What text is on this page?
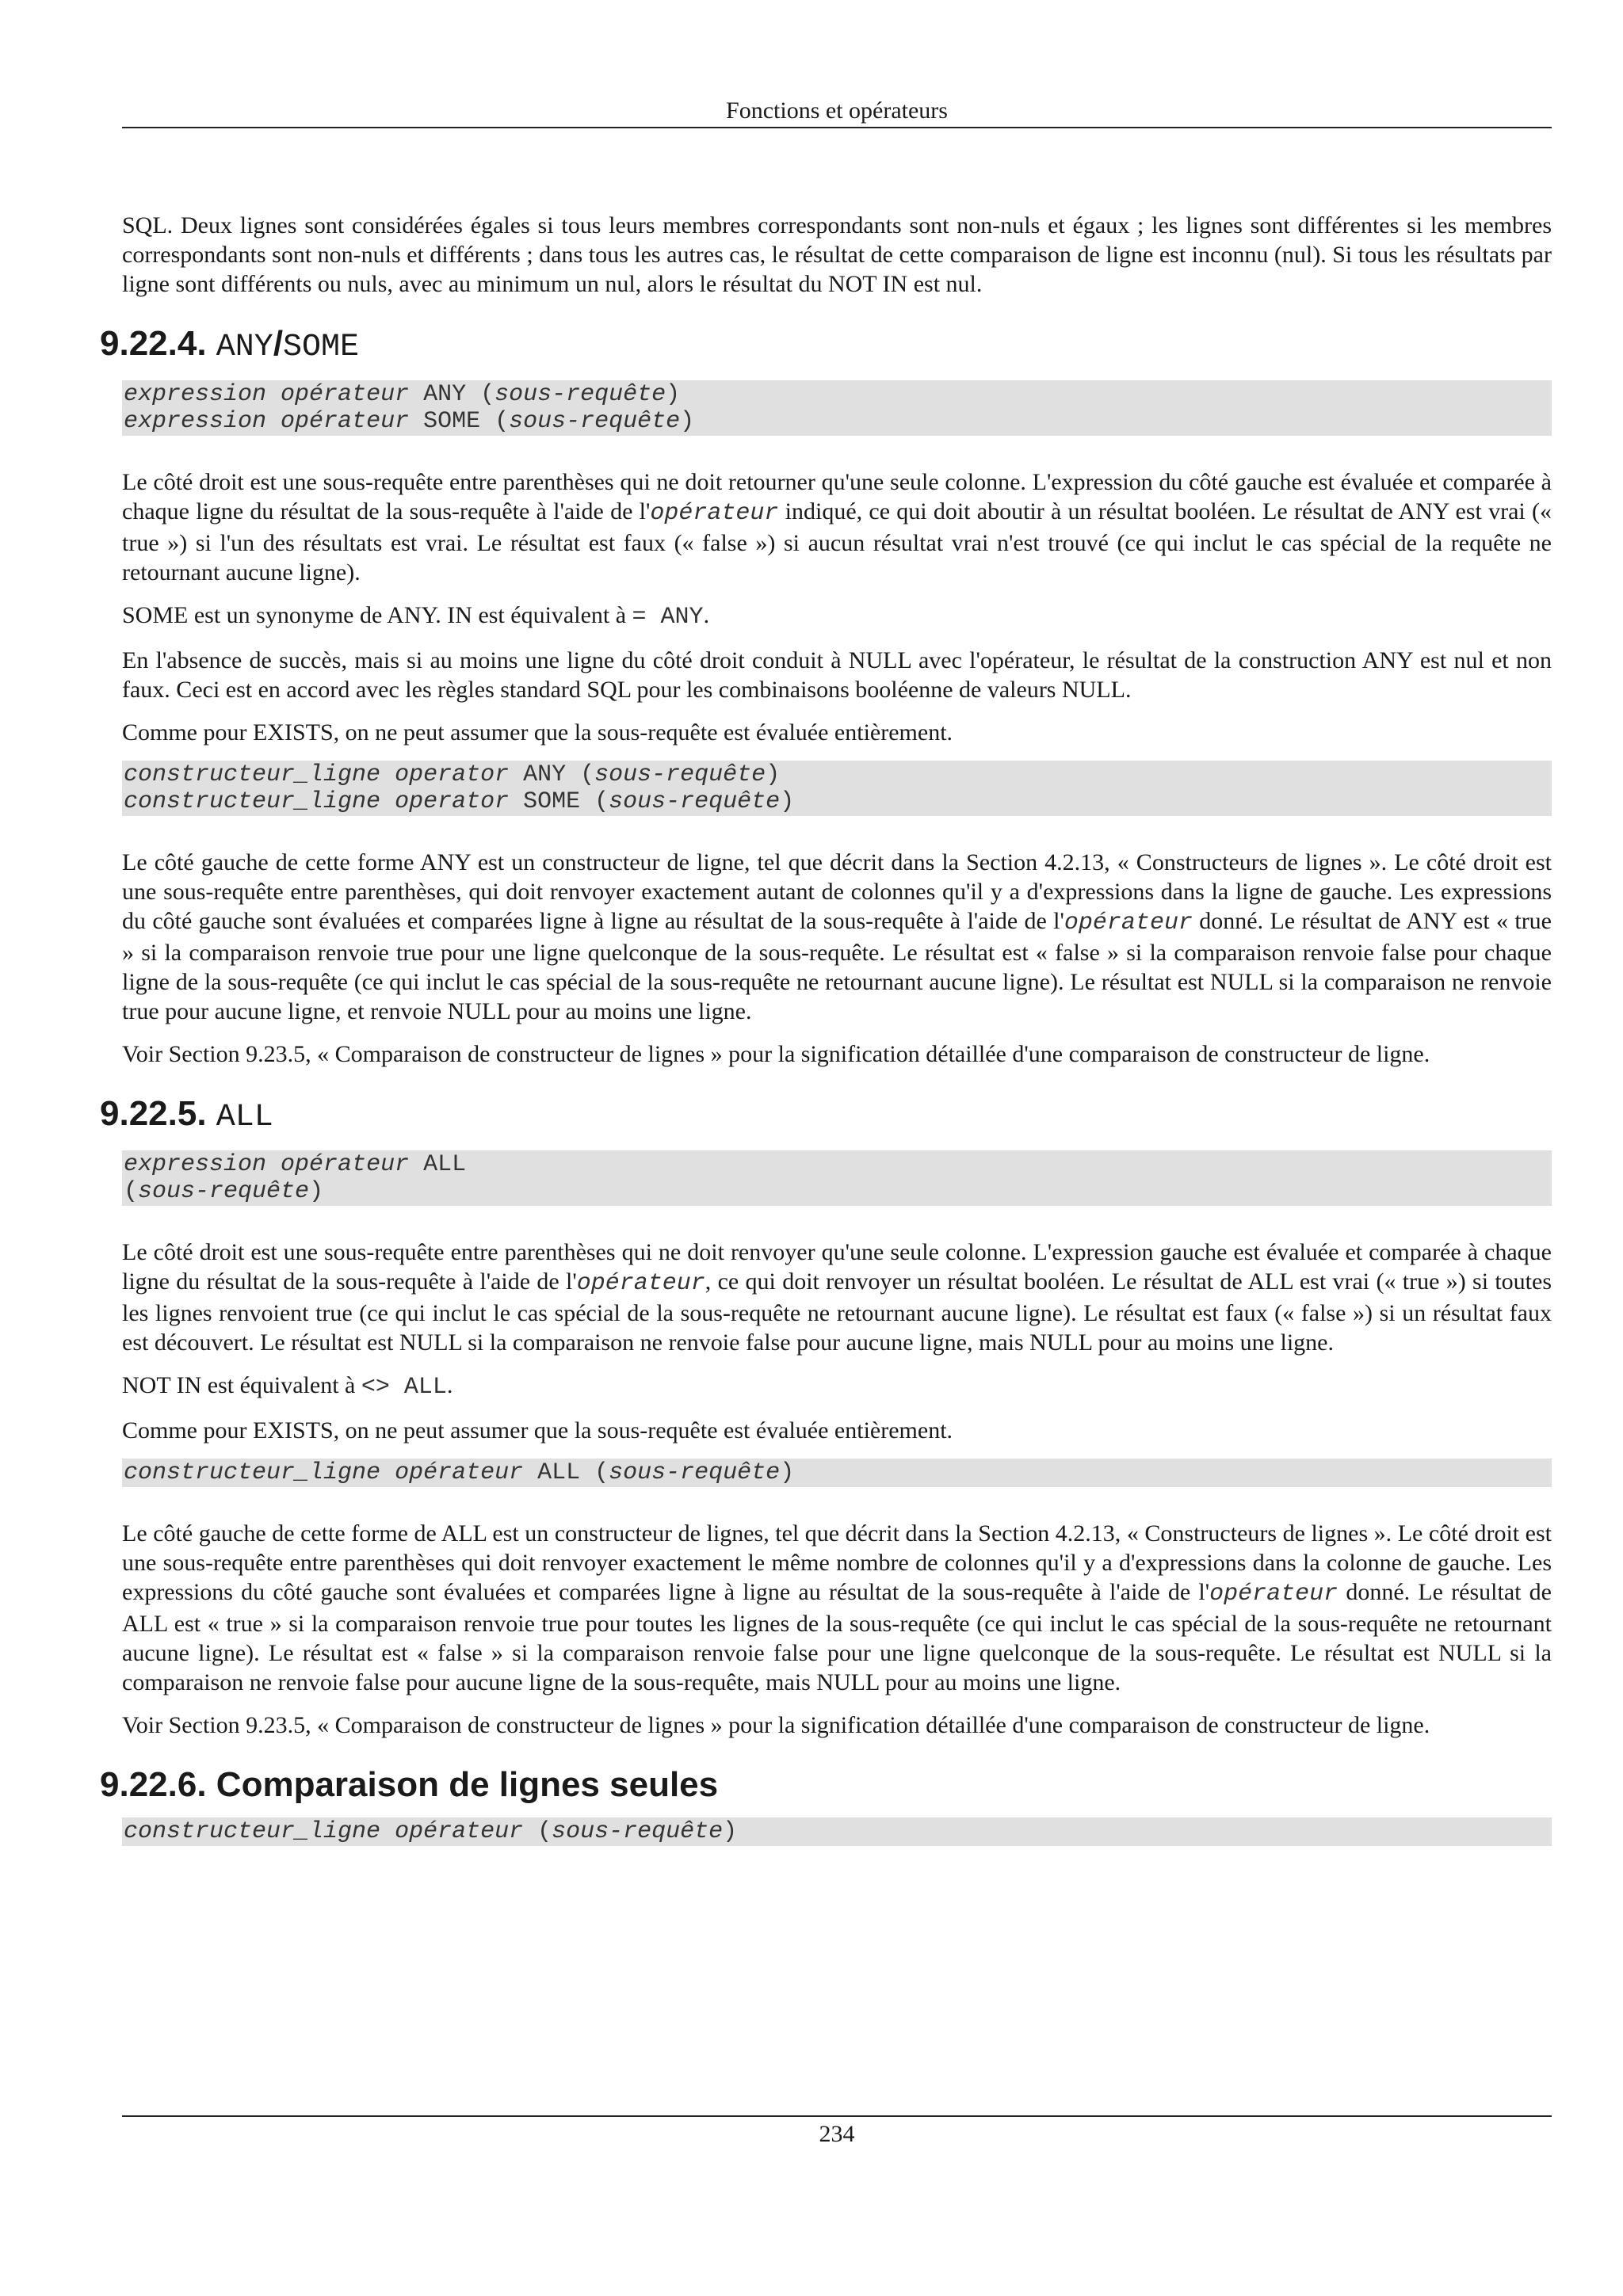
Fonctions et opérateurs

SQL. Deux lignes sont considérées égales si tous leurs membres correspondants sont non-nuls et égaux ; les lignes sont différentes si les membres correspondants sont non-nuls et différents ; dans tous les autres cas, le résultat de cette comparaison de ligne est inconnu (nul). Si tous les résultats par ligne sont différents ou nuls, avec au minimum un nul, alors le résultat du NOT IN est nul.

9.22.4. ANY/SOME
expression opérateur ANY (sous-requête)
expression opérateur SOME (sous-requête)

Le côté droit est une sous-requête entre parenthèses qui ne doit retourner qu'une seule colonne. L'expression du côté gauche est évaluée et comparée à chaque ligne du résultat de la sous-requête à l'aide de l'opérateur indiqué, ce qui doit aboutir à un résultat booléen. Le résultat de ANY est vrai (« true ») si l'un des résultats est vrai. Le résultat est faux (« false ») si aucun résultat vrai n'est trouvé (ce qui inclut le cas spécial de la requête ne retournant aucune ligne).

SOME est un synonyme de ANY. IN est équivalent à = ANY.

En l'absence de succès, mais si au moins une ligne du côté droit conduit à NULL avec l'opérateur, le résultat de la construction ANY est nul et non faux. Ceci est en accord avec les règles standard SQL pour les combinaisons booléenne de valeurs NULL.

Comme pour EXISTS, on ne peut assumer que la sous-requête est évaluée entièrement.

constructeur_ligne operator ANY (sous-requête)
constructeur_ligne operator SOME (sous-requête)

Le côté gauche de cette forme ANY est un constructeur de ligne, tel que décrit dans la Section 4.2.13, « Constructeurs de lignes ». Le côté droit est une sous-requête entre parenthèses, qui doit renvoyer exactement autant de colonnes qu'il y a d'expressions dans la ligne de gauche. Les expressions du côté gauche sont évaluées et comparées ligne à ligne au résultat de la sous-requête à l'aide de l'opérateur donné. Le résultat de ANY est « true » si la comparaison renvoie true pour une ligne quelconque de la sous-requête. Le résultat est « false » si la comparaison renvoie false pour chaque ligne de la sous-requête (ce qui inclut le cas spécial de la sous-requête ne retournant aucune ligne). Le résultat est NULL si la comparaison ne renvoie true pour aucune ligne, et renvoie NULL pour au moins une ligne.

Voir Section 9.23.5, « Comparaison de constructeur de lignes » pour la signification détaillée d'une comparaison de constructeur de ligne.

9.22.5. ALL
expression opérateur ALL
(sous-requête)

Le côté droit est une sous-requête entre parenthèses qui ne doit renvoyer qu'une seule colonne. L'expression gauche est évaluée et comparée à chaque ligne du résultat de la sous-requête à l'aide de l'opérateur, ce qui doit renvoyer un résultat booléen. Le résultat de ALL est vrai (« true ») si toutes les lignes renvoient true (ce qui inclut le cas spécial de la sous-requête ne retournant aucune ligne). Le résultat est faux (« false ») si un résultat faux est découvert. Le résultat est NULL si la comparaison ne renvoie false pour aucune ligne, mais NULL pour au moins une ligne.

NOT IN est équivalent à <> ALL.

Comme pour EXISTS, on ne peut assumer que la sous-requête est évaluée entièrement.

constructeur_ligne opérateur ALL (sous-requête)

Le côté gauche de cette forme de ALL est un constructeur de lignes, tel que décrit dans la Section 4.2.13, « Constructeurs de lignes ». Le côté droit est une sous-requête entre parenthèses qui doit renvoyer exactement le même nombre de colonnes qu'il y a d'expressions dans la colonne de gauche. Les expressions du côté gauche sont évaluées et comparées ligne à ligne au résultat de la sous-requête à l'aide de l'opérateur donné. Le résultat de ALL est « true » si la comparaison renvoie true pour toutes les lignes de la sous-requête (ce qui inclut le cas spécial de la sous-requête ne retournant aucune ligne). Le résultat est « false » si la comparaison renvoie false pour une ligne quelconque de la sous-requête. Le résultat est NULL si la comparaison ne renvoie false pour aucune ligne de la sous-requête, mais NULL pour au moins une ligne.

Voir Section 9.23.5, « Comparaison de constructeur de lignes » pour la signification détaillée d'une comparaison de constructeur de ligne.

9.22.6. Comparaison de lignes seules
constructeur_ligne opérateur (sous-requête)
234
